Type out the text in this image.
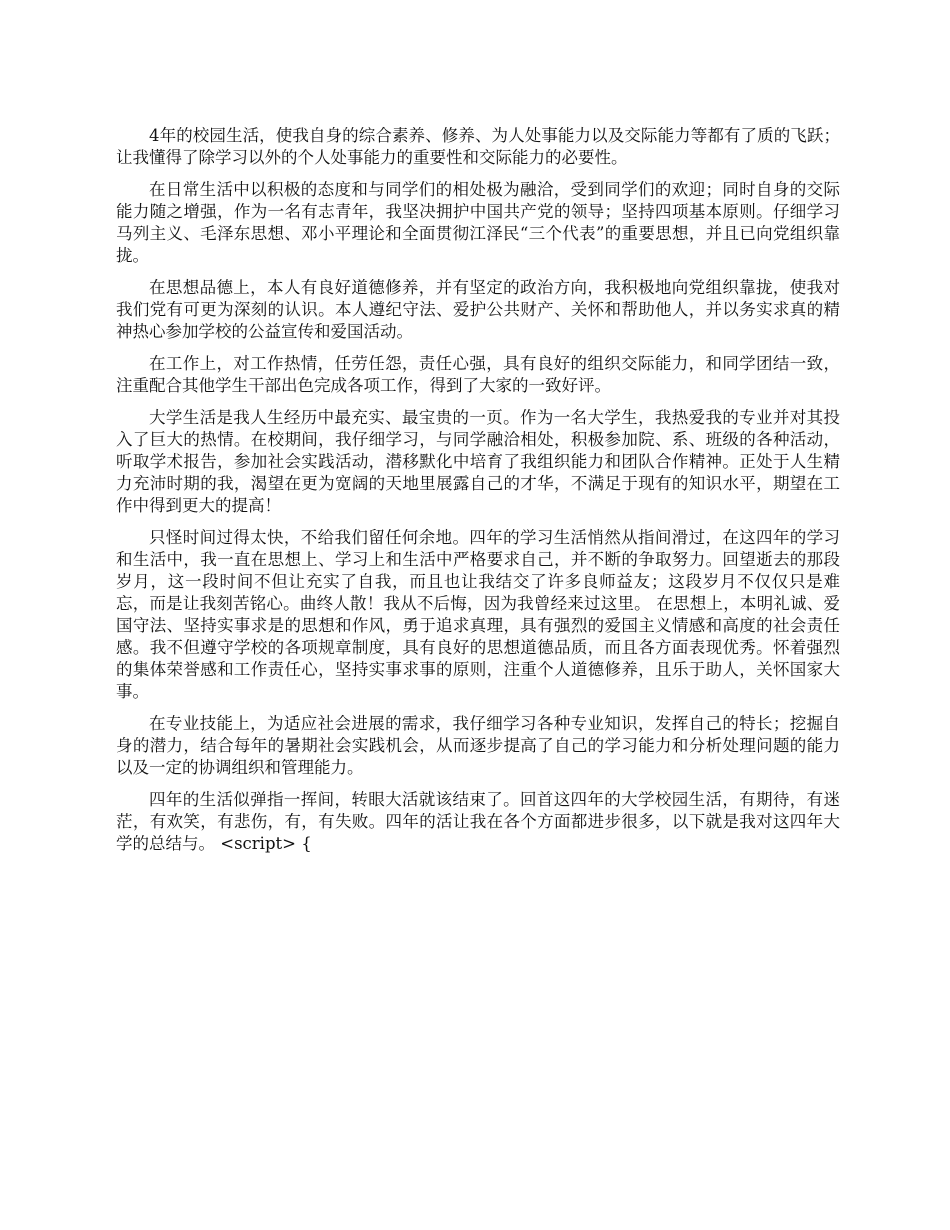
4年的校园生活，使我自身的综合素养、修养、为人处事能力以及交际能力等都有了质的飞跃；让我懂得了除学习以外的个人处事能力的重要性和交际能力的必要性。

在日常生活中以积极的态度和与同学们的相处极为融洽，受到同学们的欢迎；同时自身的交际能力随之增强，作为一名有志青年，我坚决拥护中国共产党的领导；坚持四项基本原则。仔细学习马列主义、毛泽东思想、邓小平理论和全面贯彻江泽民“三个代表”的重要思想，并且已向党组织靠拢。

在思想品德上，本人有良好道德修养，并有坚定的政治方向，我积极地向党组织靠拢，使我对我们党有可更为深刻的认识。本人遵纪守法、爱护公共财产、关怀和帮助他人，并以务实求真的精神热心参加学校的公益宣传和爱国活动。

在工作上，对工作热情，任劳任怨，责任心强，具有良好的组织交际能力，和同学团结一致，注重配合其他学生干部出色完成各项工作，得到了大家的一致好评。

大学生活是我人生经历中最充实、最宝贵的一页。作为一名大学生，我热爱我的专业并对其投入了巨大的热情。在校期间，我仔细学习，与同学融洽相处，积极参加院、系、班级的各种活动，听取学术报告，参加社会实践活动，潜移默化中培育了我组织能力和团队合作精神。正处于人生精力充沛时期的我，渴望在更为宽阔的天地里展露自己的才华，不满足于现有的知识水平，期望在工作中得到更大的提高！

只怪时间过得太快，不给我们留任何余地。四年的学习生活悄然从指间滑过，在这四年的学习和生活中，我一直在思想上、学习上和生活中严格要求自己，并不断的争取努力。回望逝去的那段岁月，这一段时间不但让充实了自我，而且也让我结交了许多良师益友；这段岁月不仅仅只是难忘，而是让我刻苦铭心。曲终人散！我从不后悔，因为我曾经来过这里。 在思想上，本明礼诚、爱国守法、坚持实事求是的思想和作风，勇于追求真理，具有强烈的爱国主义情感和高度的社会责任感。我不但遵守学校的各项规章制度，具有良好的思想道德品质，而且各方面表现优秀。怀着强烈的集体荣誉感和工作责任心，坚持实事求事的原则，注重个人道德修养，且乐于助人，关怀国家大事。

在专业技能上，为适应社会进展的需求，我仔细学习各种专业知识，发挥自己的特长；挖掘自身的潜力，结合每年的暑期社会实践机会，从而逐步提高了自己的学习能力和分析处理问题的能力以及一定的协调组织和管理能力。

四年的生活似弹指一挥间，转眼大活就该结束了。回首这四年的大学校园生活，有期待，有迷茫，有欢笑，有悲伤，有，有失败。四年的活让我在各个方面都进步很多，以下就是我对这四年大学的总结与。 <script> {
